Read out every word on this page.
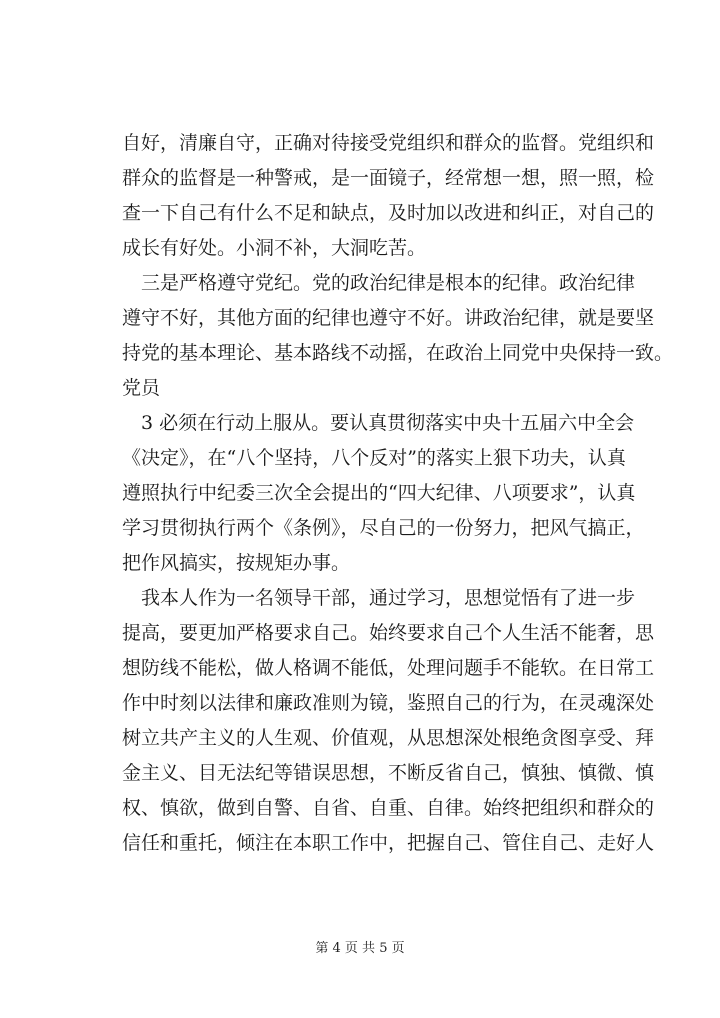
自好，清廉自守，正确对待接受党组织和群众的监督。党组织和
群众的监督是一种警戒，是一面镜子，经常想一想，照一照，检
查一下自己有什么不足和缺点，及时加以改进和纠正，对自己的
成长有好处。小洞不补，大洞吃苦。
三是严格遵守党纪。党的政治纪律是根本的纪律。政治纪律
遵守不好，其他方面的纪律也遵守不好。讲政治纪律，就是要坚
持党的基本理论、基本路线不动摇，在政治上同党中央保持一致。
党员
3 必须在行动上服从。要认真贯彻落实中央十五届六中全会
《决定》，在“八个坚持，八个反对”的落实上狠下功夫，认真
遵照执行中纪委三次全会提出的“四大纪律、八项要求”，认真
学习贯彻执行两个《条例》，尽自己的一份努力，把风气搞正，
把作风搞实，按规矩办事。
我本人作为一名领导干部，通过学习，思想觉悟有了进一步
提高，要更加严格要求自己。始终要求自己个人生活不能奢，思
想防线不能松，做人格调不能低，处理问题手不能软。在日常工
作中时刻以法律和廉政准则为镜，鉴照自己的行为，在灵魂深处
树立共产主义的人生观、价值观，从思想深处根绝贪图享受、拜
金主义、目无法纪等错误思想，不断反省自己，慎独、慎微、慎
权、慎欲，做到自警、自省、自重、自律。始终把组织和群众的
信任和重托，倾注在本职工作中，把握自己、管住自己、走好人
第 4 页 共 5 页
